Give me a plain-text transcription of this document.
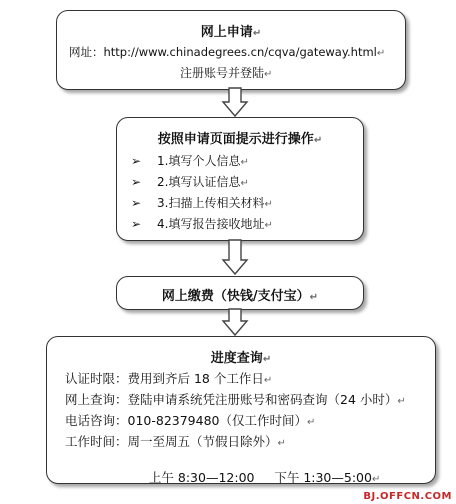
网上申请↵
网址：http://www.chinadegrees.cn/cqva/gateway.html↵
注册账号并登陆↵
按照申请页面提示进行操作↵
➢ 1.填写个人信息↵
➢ 2.填写认证信息↵
➢ 3.扫描上传相关材料↵
➢ 4.填写报告接收地址↵
网上缴费（快钱/支付宝）↵
进度查询↵
认证时限：费用到齐后 18 个工作日↵
网上查询：登陆申请系统凭注册账号和密码查询（24 小时）↵
电话咨询：010-82379480（仅工作时间）↵
工作时间：周一至周五（节假日除外）↵

上午 8:30—12:00     下午 1:30—5:00↵

BJ.OFFCN.COM
